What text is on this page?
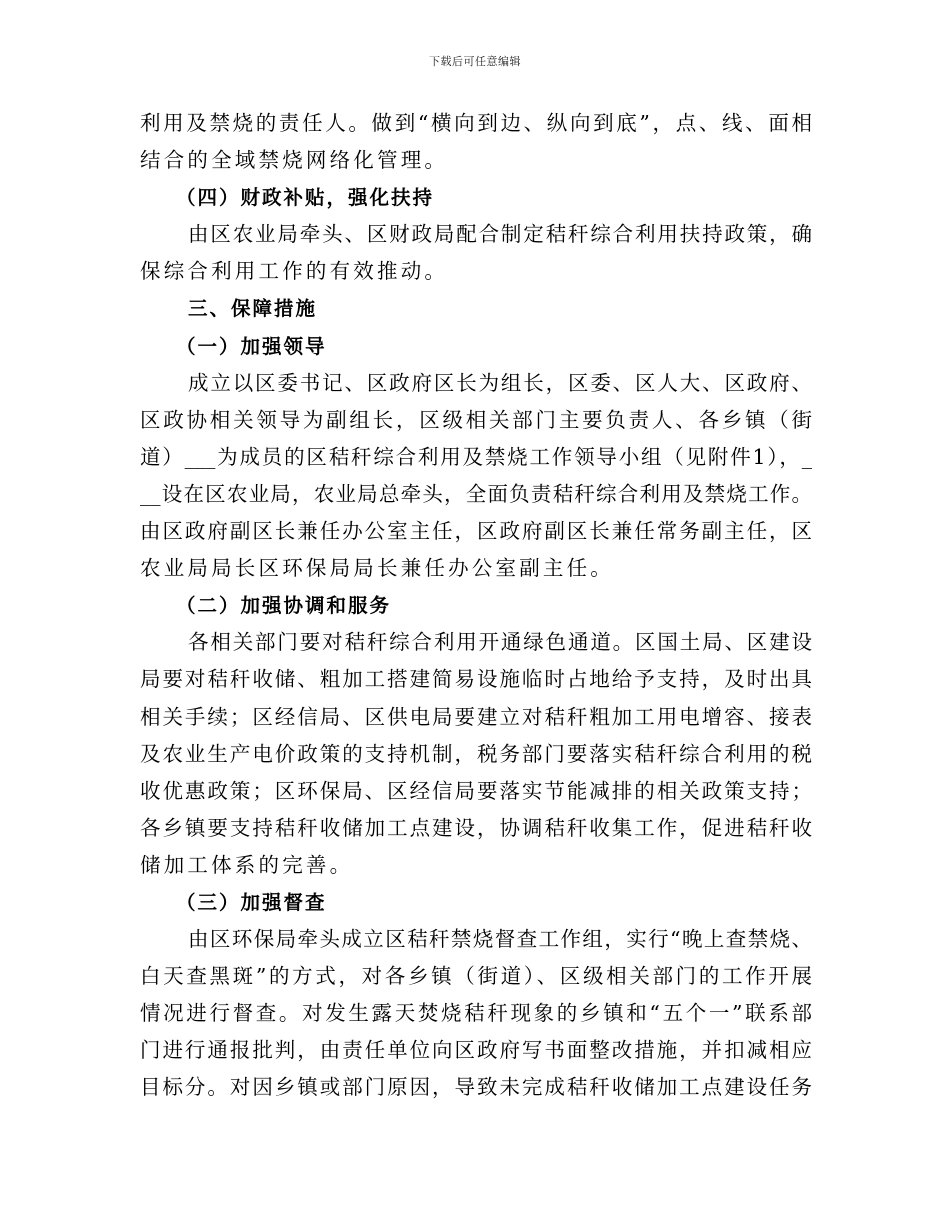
下载后可任意编辑
利用及禁烧的责任人。做到“横向到边、纵向到底”，点、线、面相
结合的全域禁烧网络化管理。
（四）财政补贴，强化扶持
由区农业局牵头、区财政局配合制定秸秆综合利用扶持政策，确
保综合利用工作的有效推动。
三、保障措施
（一）加强领导
成立以区委书记、区政府区长为组长，区委、区人大、区政府、
区政协相关领导为副组长，区级相关部门主要负责人、各乡镇（街
道）___为成员的区秸秆综合利用及禁烧工作领导小组（见附件1），_
__设在区农业局，农业局总牵头，全面负责秸秆综合利用及禁烧工作。
由区政府副区长兼任办公室主任，区政府副区长兼任常务副主任，区
农业局局长区环保局局长兼任办公室副主任。
（二）加强协调和服务
各相关部门要对秸秆综合利用开通绿色通道。区国土局、区建设
局要对秸秆收储、粗加工搭建简易设施临时占地给予支持，及时出具
相关手续；区经信局、区供电局要建立对秸秆粗加工用电增容、接表
及农业生产电价政策的支持机制，税务部门要落实秸秆综合利用的税
收优惠政策；区环保局、区经信局要落实节能减排的相关政策支持；
各乡镇要支持秸秆收储加工点建设，协调秸秆收集工作，促进秸秆收
储加工体系的完善。
（三）加强督查
由区环保局牵头成立区秸秆禁烧督查工作组，实行“晚上查禁烧、
白天查黑斑”的方式，对各乡镇（街道）、区级相关部门的工作开展
情况进行督查。对发生露天焚烧秸秆现象的乡镇和“五个一”联系部
门进行通报批判，由责任单位向区政府写书面整改措施，并扣减相应
目标分。对因乡镇或部门原因，导致未完成秸秆收储加工点建设任务
